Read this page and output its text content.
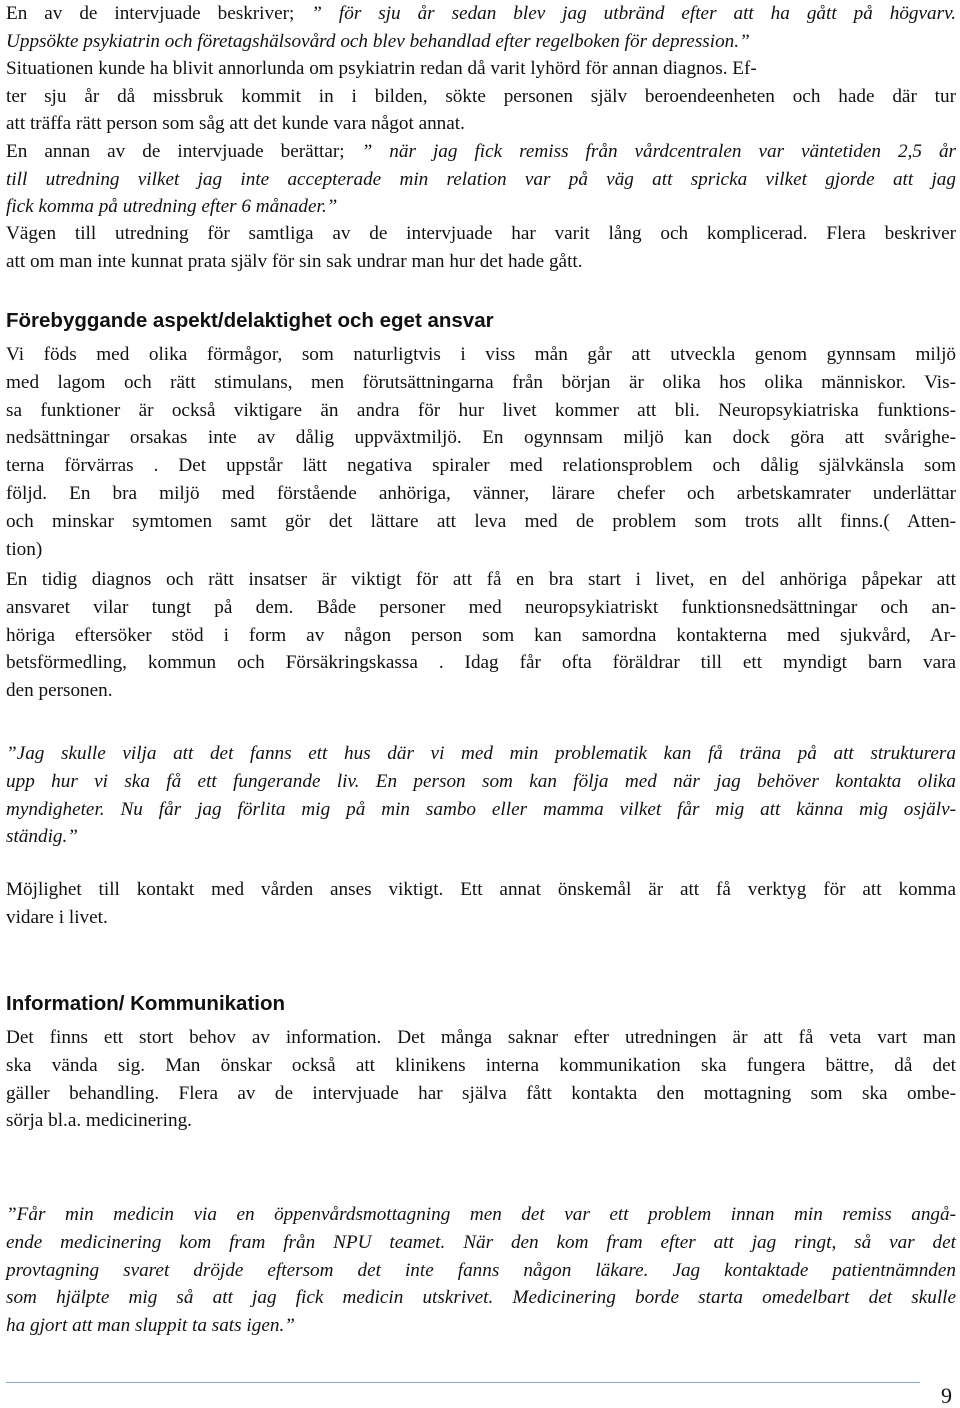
En av de intervjuade beskriver; ” för sju år sedan blev jag utbränd efter att ha gått på högvarv.
Uppsökte psykiatrin och företagshälsovård och blev behandlad efter regelboken för depression.”
Situationen kunde ha blivit annorlunda om psykiatrin redan då varit lyhörd för annan diagnos. Ef-
ter sju år då missbruk kommit in i bilden, sökte personen själv beroendeenheten och hade där tur
att träffa rätt person som såg att det kunde vara något annat.
En annan av de intervjuade berättar; ” när jag fick remiss från vårdcentralen var väntetiden 2,5 år
till utredning vilket jag inte accepterade min relation var på väg att spricka vilket gjorde att jag
fick komma på utredning efter 6 månader.”
Vägen till utredning för samtliga av de intervjuade har varit lång och komplicerad. Flera beskriver
att om man inte kunnat prata själv för sin sak undrar man hur det hade gått.
Förebyggande aspekt/delaktighet och eget ansvar
Vi föds med olika förmågor, som naturligtvis i viss mån går att utveckla genom gynnsam miljö
med lagom och rätt stimulans, men förutsättningarna från början är olika hos olika människor. Vis-
sa funktioner är också viktigare än andra för hur livet kommer att bli. Neuropsykiatriska funktions-
nedsättningar orsakas inte av dålig uppväxtmiljö. En ogynnsam miljö kan dock göra att svårighe-
terna förvärras . Det uppstår lätt negativa spiraler med relationsproblem och dålig självkänsla som
följd. En bra miljö med förstående anhöriga, vänner, lärare chefer och arbetskamrater underlättar
och minskar symtomen samt gör det lättare att leva med de problem som trots allt finns.( Atten-
tion)
En tidig diagnos och rätt insatser är viktigt för att få en bra start i livet, en del anhöriga påpekar att
ansvaret vilar tungt på dem. Både personer med neuropsykiatriskt funktionsnedsättningar och an-
höriga eftersöker stöd i form av någon person som kan samordna kontakterna med sjukvård, Ar-
betsförmedling, kommun och Försäkringskassa . Idag får ofta föräldrar till ett myndigt barn vara
den personen.
”Jag skulle vilja att det fanns ett hus där vi med min problematik kan få träna på att strukturera
upp hur vi ska få ett fungerande liv. En person som kan följa med när jag behöver kontakta olika
myndigheter. Nu får jag förlita mig på min sambo eller mamma vilket får mig att känna mig osjälv-
ständig.”
Möjlighet till kontakt med vården anses viktigt. Ett annat önskemål är att få verktyg för att komma
vidare i livet.
Information/ Kommunikation
Det finns ett stort behov av information. Det många saknar efter utredningen är att få veta vart man
ska vända sig. Man önskar också att klinikens interna kommunikation ska fungera bättre, då det
gäller behandling. Flera av de intervjuade har själva fått kontakta den mottagning som ska ombe-
sörja bl.a. medicinering.
”Får min medicin via en öppenvårdsmottagning men det var ett problem innan min remiss angå-
ende medicinering kom fram från NPU teamet. När den kom fram efter att jag ringt, så var det
provtagning svaret dröjde eftersom det inte fanns någon läkare. Jag kontaktade patientnämnden
som hjälpte mig så att jag fick medicin utskrivet. Medicinering borde starta omedelbart det skulle
ha gjort att man sluppit ta sats igen.”
9
